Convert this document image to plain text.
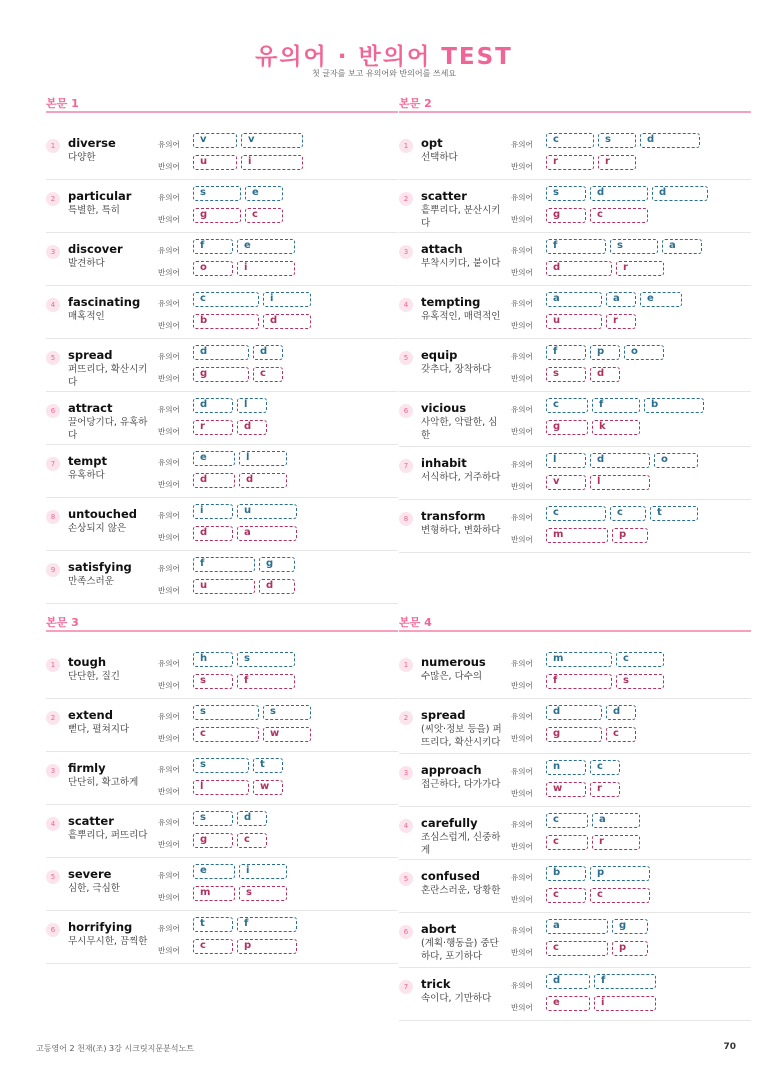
유의어 · 반의어 TEST
첫 글자를 보고 유의어와 반의어를 쓰세요
본문 1
1	diverse
다양한
유의어	v	v
반의어	u	i
2	particular
특별한, 특히
유의어	s	e
반의어	g	c
3	discover
발견하다
유의어	f	e
반의어	o	i
4	fascinating
매혹적인
유의어	c	i
반의어	b	d
5	spread
퍼뜨리다, 확산시키다
유의어	d	d
반의어	g	c
6	attract
끌어당기다, 유혹하다
유의어	d	l
반의어	r	d
7	tempt
유혹하다
유의어	e	l
반의어	d	d
8	untouched
손상되지 않은
유의어	i	u
반의어	d	a
9	satisfying
만족스러운
유의어	f	g
반의어	u	d
본문 2
1	opt
선택하다
유의어	c	s	d
반의어	r	r
2	scatter
흩뿌리다, 분산시키다
유의어	s	d	d
반의어	g	c
3	attach
부착시키다, 붙이다
유의어	f	s	a
반의어	d	r
4	tempting
유혹적인, 매력적인
유의어	a	a	e
반의어	u	r
5	equip
갖추다, 장착하다
유의어	f	p	o
반의어	s	d
6	vicious
사악한, 악랄한, 심한
유의어	c	f	b
반의어	g	k
7	inhabit
서식하다, 거주하다
유의어	l	d	o
반의어	v	l
8	transform
변형하다, 변화하다
유의어	c	c	t
반의어	m	p
본문 3
1	tough
단단한, 질긴
유의어	h	s
반의어	s	f
2	extend
뻗다, 펼쳐지다
유의어	s	s
반의어	c	w
3	firmly
단단히, 확고하게
유의어	s	t
반의어	l	w
4	scatter
흩뿌리다, 퍼뜨리다
유의어	s	d
반의어	g	c
5	severe
심한, 극심한
유의어	e	i
반의어	m	s
6	horrifying
무시무시한, 끔찍한
유의어	t	f
반의어	c	p
본문 4
1	numerous
수많은, 다수의
유의어	m	c
반의어	f	s
2	spread
(씨앗·정보 등을) 퍼뜨리다, 확산시키다
유의어	d	d
반의어	g	c
3	approach
접근하다, 다가가다
유의어	n	c
반의어	w	r
4	carefully
조심스럽게, 신중하게
유의어	c	a
반의어	c	r
5	confused
혼란스러운, 당황한
유의어	b	p
반의어	c	c
6	abort
(계획·행동을) 중단하다, 포기하다
유의어	a	g
반의어	c	p
7	trick
속이다, 기만하다
유의어	d	f
반의어	e	i
고등영어 2 천재(조) 3강 시크릿지문분석노트	70
